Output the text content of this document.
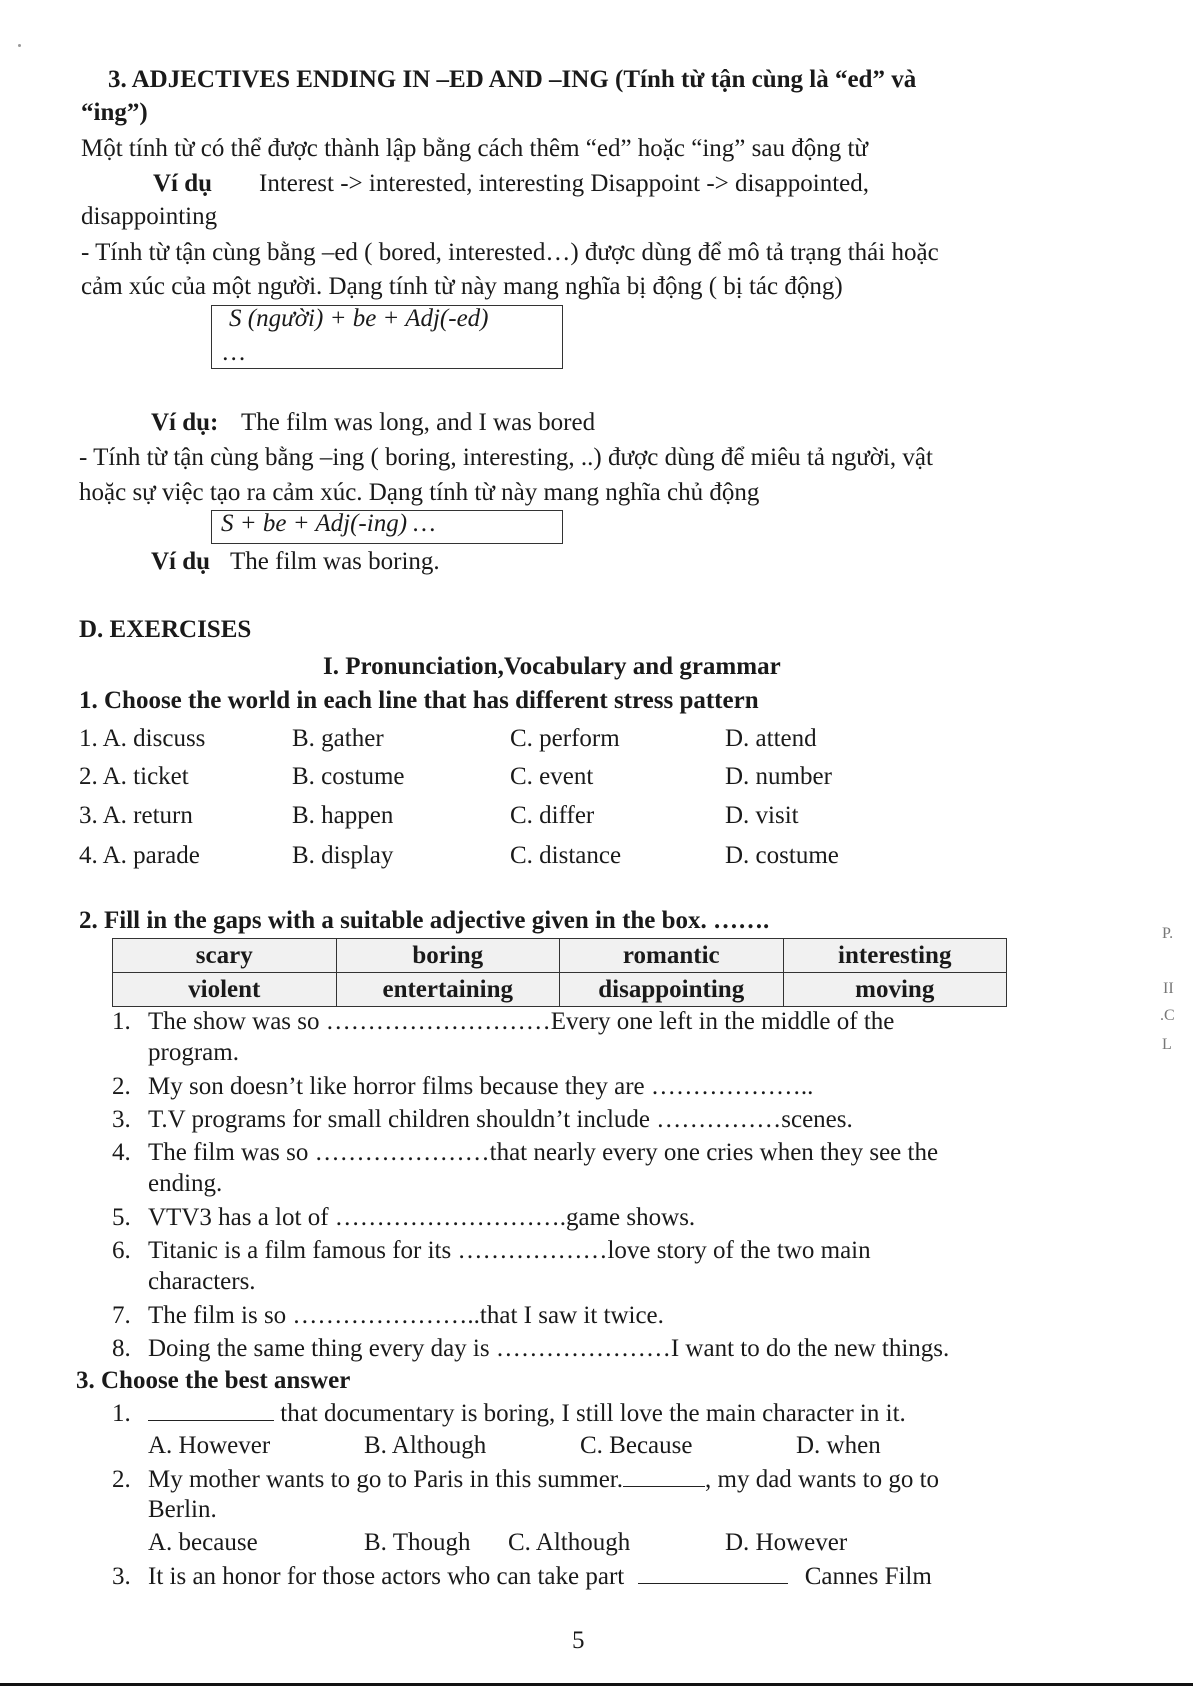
3. ADJECTIVES ENDING IN –ED AND –ING (Tính từ tận cùng là “ed” và
“ing”)
Một tính từ có thể được thành lập bằng cách thêm “ed” hoặc “ing” sau động từ
Ví dụ Interest -> interested, interesting Disappoint -> disappointed,
disappointing
- Tính từ tận cùng bằng –ed ( bored, interested…) được dùng để mô tả trạng thái hoặc
cảm xúc của một người. Dạng tính từ này mang nghĩa bị động ( bị tác động)
S (người) + be + Adj(-ed)
…
Ví dụ: The film was long, and I was bored
- Tính từ tận cùng bằng –ing ( boring, interesting, ..) được dùng để miêu tả người, vật
hoặc sự việc tạo ra cảm xúc. Dạng tính từ này mang nghĩa chủ động
S + be + Adj(-ing) …
Ví dụ The film was boring.
D. EXERCISES
I. Pronunciation,Vocabulary and grammar
1. Choose the world in each line that has different stress pattern
1. A. discuss	B. gather	C. perform	D. attend
2. A. ticket	B. costume	C. event	D. number
3. A. return	B. happen	C. differ	D. visit
4. A. parade	B. display	C. distance	D. costume
2. Fill in the gaps with a suitable adjective given in the box. …….
scary	boring	romantic	interesting
violent	entertaining	disappointing	moving
1. The show was so ………………………Every one left in the middle of the
program.
2. My son doesn’t like horror films because they are ………………..
3. T.V programs for small children shouldn’t include ……………scenes.
4. The film was so …………………that nearly every one cries when they see the
ending.
5. VTV3 has a lot of ……………………….game shows.
6. Titanic is a film famous for its ………………love story of the two main
characters.
7. The film is so …………………..that I saw it twice.
8. Doing the same thing every day is …………………I want to do the new things.
3. Choose the best answer
1.	that documentary is boring, I still love the main character in it.
A. However	B. Although	C. Because	D. when
2. My mother wants to go to Paris in this summer.	, my dad wants to go to
Berlin.
A. because	B. Though C. Although	D. However
3. It is an honor for those actors who can take part	Cannes Film
5
P.
II
.C
L
